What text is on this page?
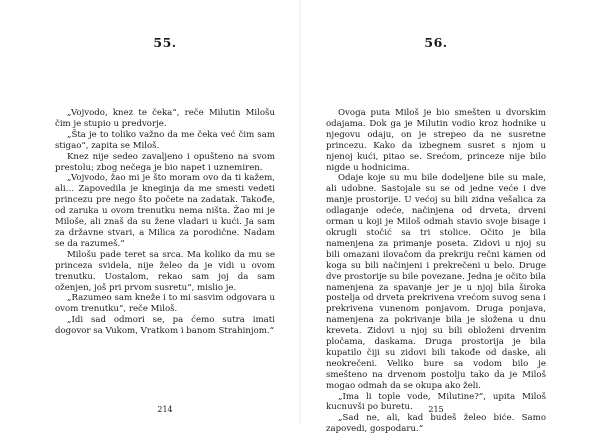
55.

„Vojvodo, knez te čeka“, reče Milutin Milošu čim je stupio u predvorje.

„Šta je to toliko važno da me čeka već čim sam stigao“, zapita se Miloš.

Knez nije sedeo zavaljeno i opušteno na svom prestolu; zbog nečega je bio napet i uznemiren.

„Vojvodo, žao mi je što moram ovo da ti kažem, ali… Zapovedila je kneginja da me smesti vedeti princezu pre nego što počete na zadatak. Takođe, od zaruka u ovom trenutku nema ništa. Žao mi je Miloše, ali znaš da su žene vladari u kući. Ja sam za državne stvari, a Milica za porodične. Nadam se da razumeš.“

Milošu pade teret sa srca. Ma koliko da mu se princeza svidela, nije želeo da je vidi u ovom trenutku. Uostalom, rekao sam joj da sam oženjen, još pri prvom susretu“, mislio je.

„Razumeo sam kneže i to mi sasvim odgovara u ovom trenutku“, reče Miloš.

„Idi sad odmori se, pa ćemo sutra imati dogovor sa Vukom, Vratkom i banom Strahinjom.“

214
56.

Ovoga puta Miloš je bio smešten u dvorskim odajama. Dok ga je Milutin vodio kroz hodnike u njegovu odaju, on je strepeo da ne susretne princezu. Kako da izbegnem susret s njom u njenoj kući, pitao se. Srećom, princeze nije bilo nigde u hodnicima.

Odaje koje su mu bile dodeljene bile su male, ali udobne. Sastojale su se od jedne veće i dve manje prostorije. U većoj su bili zidna vešalica za odlaganje odeće, načinjena od drveta, drveni orman u koji je Miloš odmah stavio svoje bisage i okrugli stočić sa tri stolice. Očito je bila namenjena za primanje poseta. Zidovi u njoj su bili omazani ilovačom da prekriju rečni kamen od koga su bili načinjeni i prekrečeni u belo. Druge dve prostorije su bile povezane. Jedna je očito bila namenjena za spavanje jer je u njoj bila široka postelja od drveta prekrivena vrećom suvog sena i prekrivena vunenom ponjavom. Druga ponjava, namenjena za pokrivanje bila je složena u dnu kreveta. Zidovi u njoj su bili obloženi drvenim pločama, daskama. Druga prostorija je bila kupatilo čiji su zidovi bili takođe od daske, ali neokrečeni. Veliko bure sa vodom bilo je smešteno na drvenom postolju tako da je Miloš mogao odmah da se okupa ako želi.

„Ima li tople vode, Milutine?“, upita Miloš kucnuvši po buretu.

„Sad ne, ali, kad budeš želeo biće. Samo zapovedi, gospodaru.“

215
